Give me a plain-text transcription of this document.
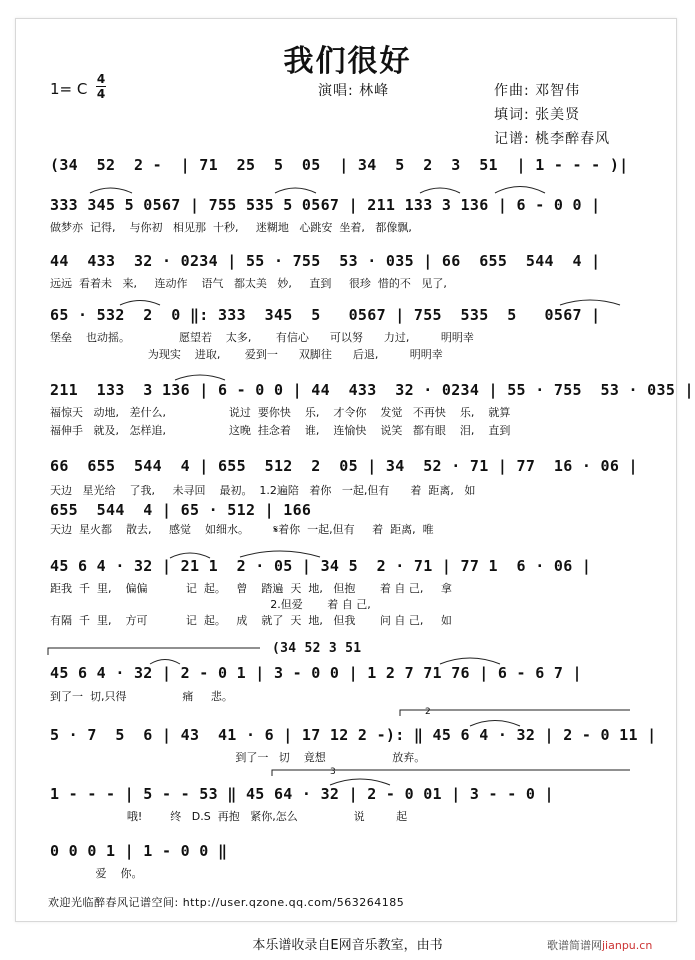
我们很好
1= C
4
4	演唱: 林峰	作曲: 邓智伟
填词: 张美贤
记谱: 桃李醉春风
(34  52  2 -  | 71  25  5  05  | 34  5  2  3  51  | 1 - - - )|
333 345 5 0567 | 755 535 5 0567 | 211 133 3 136 | 6 - 0 0 |
做梦亦  记得,    与你初   相见那  十秒,     迷糊地   心跳安  坐着,   都像飘,
44  433  32 · 0234 | 55 · 755  53 · 035 | 66  655  544  4 |
远远  看着未   来,     连动作    语气   都太美   妙,     直到     很珍  惜的不   见了,
65 · 532  2  0 ‖: 333  345  5   0567 | 755  535  5   0567 |
堡垒    也动摇。              愿望若    太多,       有信心      可以努      力过,         明明幸
为现实    进取,       爱到一      双脚往      后退,         明明幸
211  133  3 136 | 6 - 0 0 | 44  433  32 · 0234 | 55 · 755  53 · 035 |
福惊天   动地,   差什么,                  说过  要你快    乐,    才令你    发觉   不再快    乐,    就算
福伸手   就及,   怎样追,                  这晚  挂念着    谁,    连愉快    说笑   都有眼    泪,    直到
66  655  544  4 | 655  512  2  05 | 34  52 · 71 | 77  16 · 06 |
天边   星光给    了我,     未寻回    最初。  1.2遍陪   着你   一起,但有      着  距离,   如
655  544  4 | 65 · 512 | 166
天边  星火都    散去,     感觉    如细水。       𝄋着你  一起,但有     着  距离,  唯
45 6 4 · 32 | 21 1  2 · 05 | 34 5  2 · 71 | 77 1  6 · 06 |
距我  千  里,    偏偏           记  起。   曾    踏遍  天  地,   但抱       着 自 己,     拿
2.但爱       着 自 己,
有隔  千  里,    方可           记  起。   成    就了  天  地,   但我       问 自 己,     如
(34 52 3 51
45 6 4 · 32 | 2 - 0 1 | 3 - 0 0 | 1 2 7 71 76 | 6 - 6 7 |
到了一  切,只得                痛     悲。
5 · 7  5  6 | 43  41 · 6 | 17 12 2 -): ‖ 45 6 4 · 32 | 2 - 0 11 |
到了一   切    竟想                   放弃。
1 - - - | 5 - - 53 ‖ 45 64 · 32 | 2 - 0 01 | 3 - - 0 |
哦!        终   D.S  再抱   紧你,怎么                说         起
0 0 0 1 | 1 - 0 0 ‖
爱    你。
2
3
欢迎光临醉春风记谱空间: http://user.qzone.qq.com/563264185
本乐谱收录自E网音乐教室，由书	歌谱简谱网jianpu.cn
